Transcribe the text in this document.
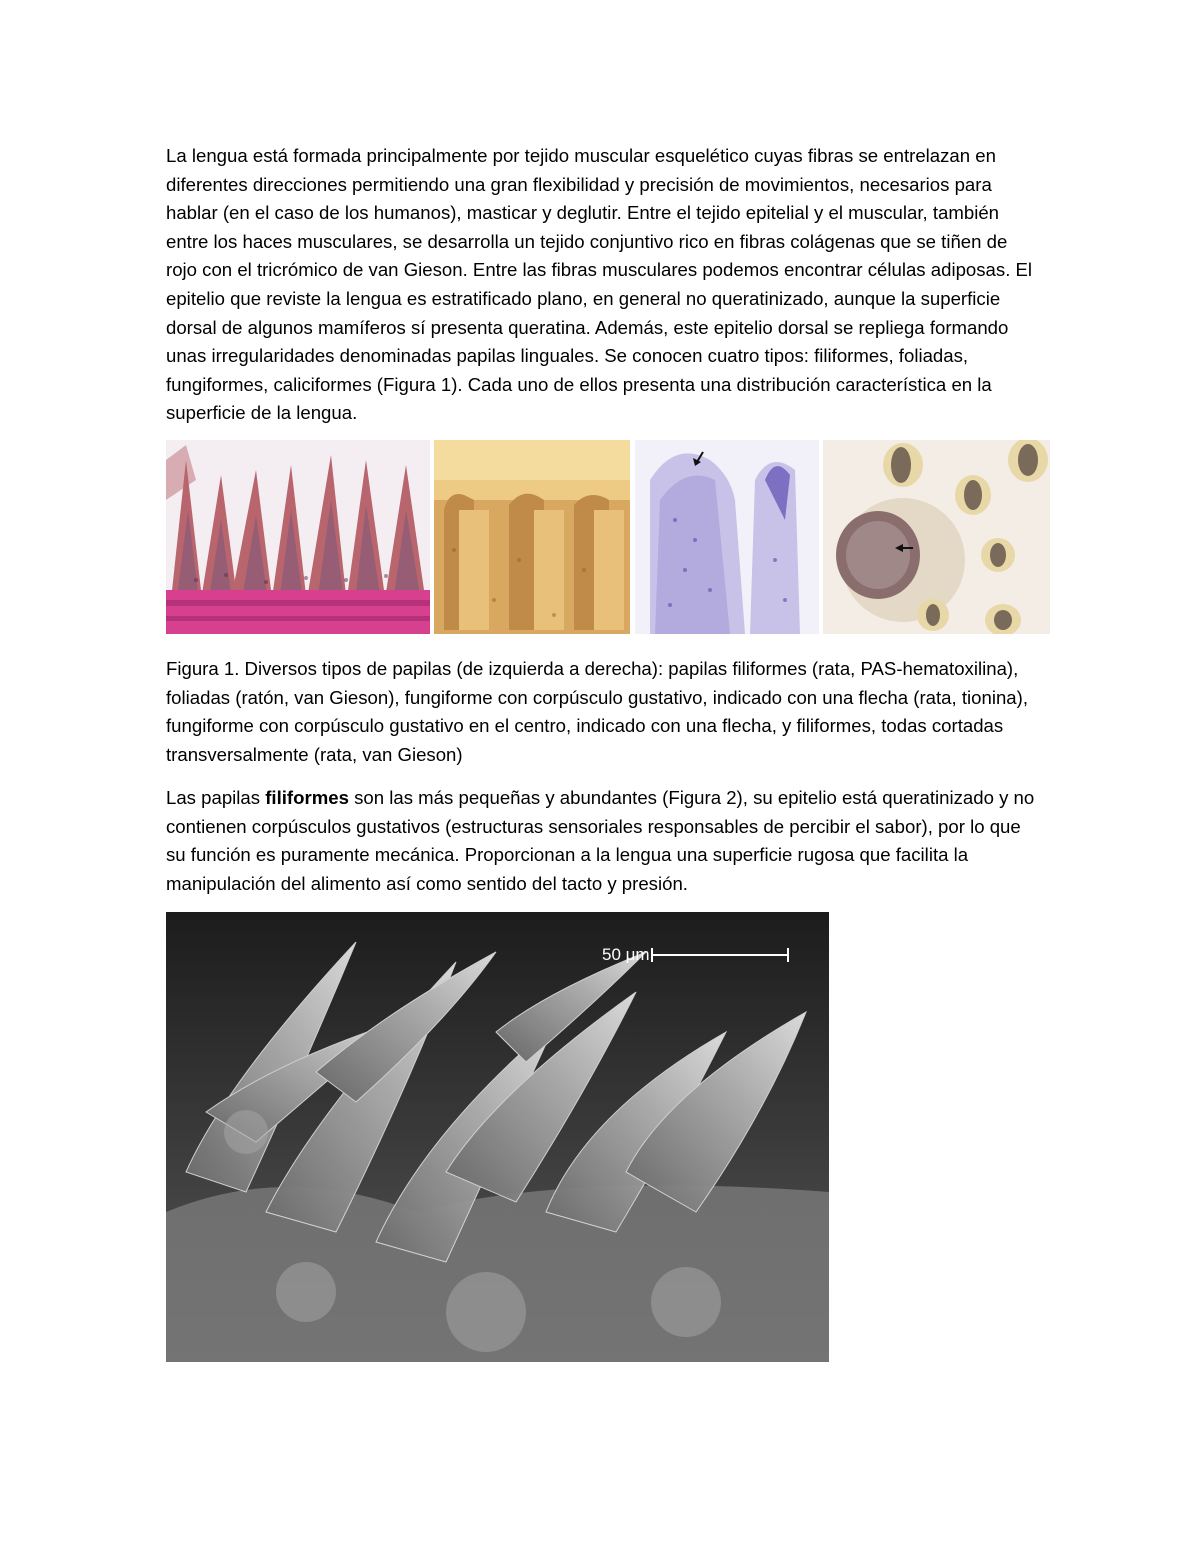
La lengua está formada principalmente por tejido muscular esquelético cuyas fibras se entrelazan en diferentes direcciones permitiendo una gran flexibilidad y precisión de movimientos, necesarios para hablar (en el caso de los humanos), masticar y deglutir. Entre el tejido epitelial y el muscular, también entre los haces musculares, se desarrolla un tejido conjuntivo rico en fibras colágenas que se tiñen de rojo con el tricrómico de van Gieson. Entre las fibras musculares podemos encontrar células adiposas. El epitelio que reviste la lengua es estratificado plano, en general no queratinizado, aunque la superficie dorsal de algunos mamíferos sí presenta queratina. Además, este epitelio dorsal se repliega formando unas irregularidades denominadas papilas linguales. Se conocen cuatro tipos: filiformes, foliadas, fungiformes, caliciformes (Figura 1). Cada uno de ellos presenta una distribución característica en la superficie de la lengua.

Figura 1. Diversos tipos de papilas (de izquierda a derecha): papilas filiformes (rata, PAS-hematoxilina), foliadas (ratón, van Gieson), fungiforme con corpúsculo gustativo, indicado con una flecha (rata, tionina), fungiforme con corpúsculo gustativo en el centro, indicado con una flecha, y filiformes, todas cortadas transversalmente (rata, van Gieson)

Las papilas filiformes son las más pequeñas y abundantes (Figura 2), su epitelio está queratinizado y no contienen corpúsculos gustativos (estructuras sensoriales responsables de percibir el sabor), por lo que su función es puramente mecánica. Proporcionan a la lengua una superficie rugosa que facilita la manipulación del alimento así como sentido del tacto y presión.

50 μm
